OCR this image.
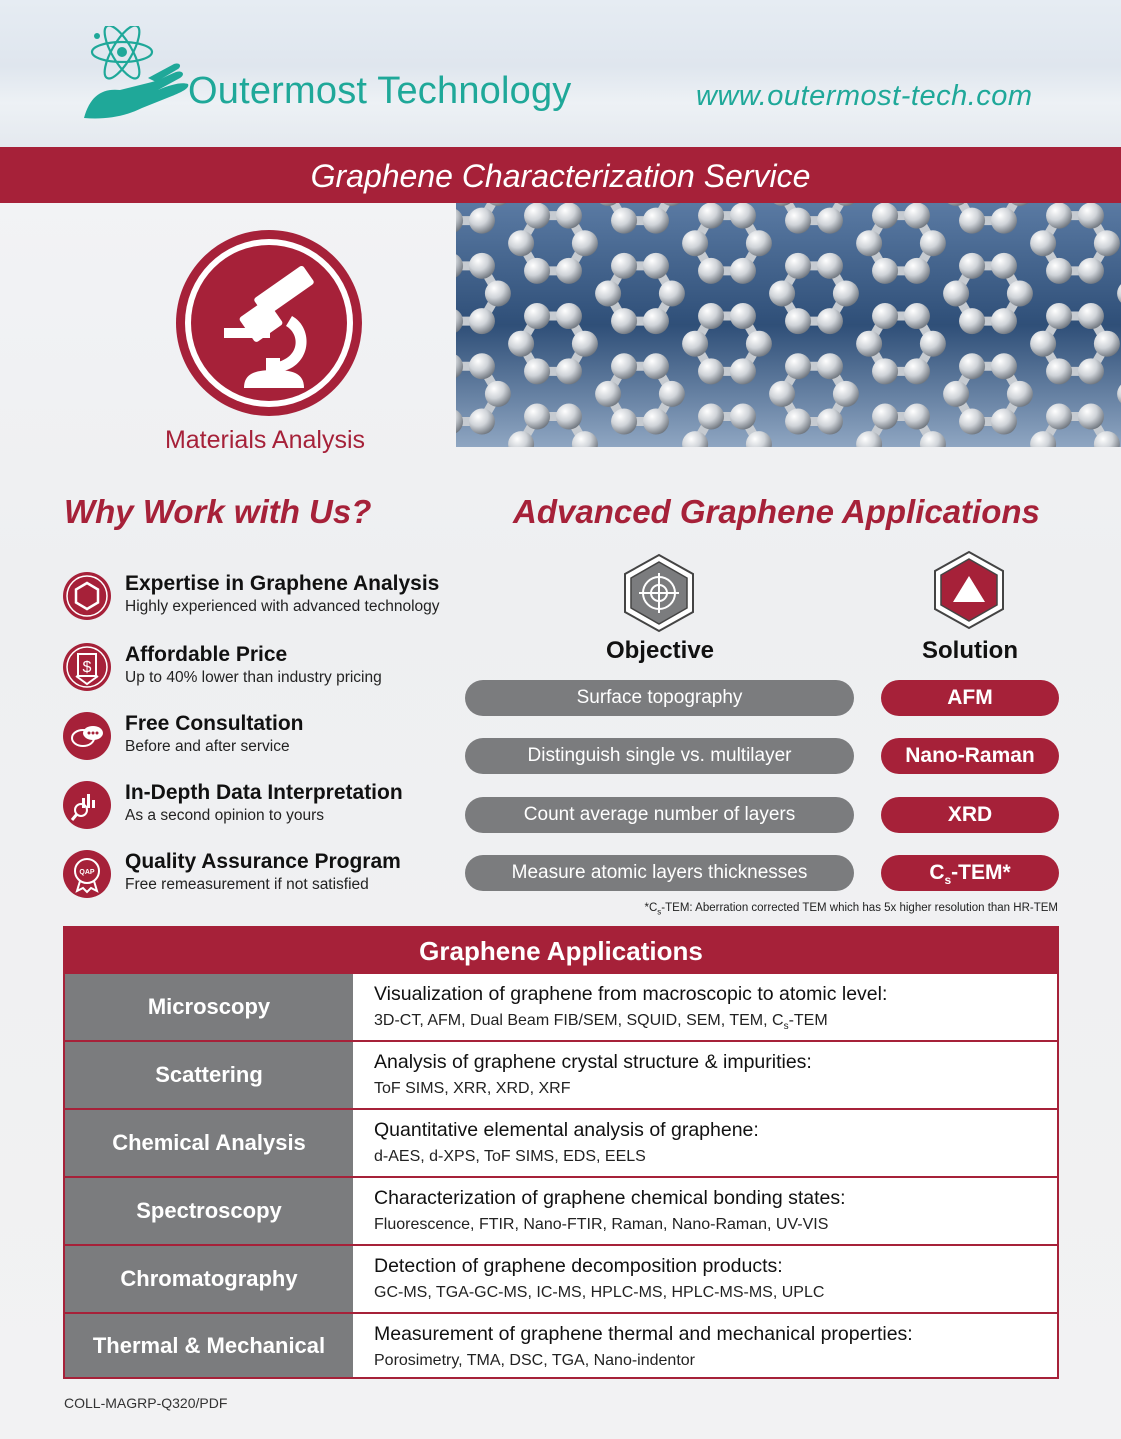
Outermost Technology	www.outermost-tech.com
Graphene Characterization Service
Materials Analysis
Why Work with Us?	Advanced Graphene Applications
Expertise in Graphene Analysis
Highly experienced with advanced technology
$
Affordable Price
Up to 40% lower than industry pricing
Free Consultation
Before and after service
In-Depth Data Interpretation
As a second opinion to yours
QAP Quality Assurance Program
Free remeasurement if not satisfied
Objective	Solution
Surface topography	AFM
Distinguish single vs. multilayer	Nano-Raman
Count average number of layers	XRD
Measure atomic layers thicknesses	$C_s-TEM*$
$*C_s$-TEM: Aberration corrected TEM which has 5x higher resolution than HR-TEM
Graphene Applications
Microscopy	Visualization of graphene from macroscopic to atomic level:
3D-CT, AFM, Dual Beam FIB/SEM, SQUID, SEM, TEM, $C_s$-TEM
Scattering	Analysis of graphene crystal structure & impurities:
ToF SIMS, XRR, XRD, XRF
Chemical Analysis	Quantitative elemental analysis of graphene:
d-AES, d-XPS, ToF SIMS, EDS, EELS
Spectroscopy	Characterization of graphene chemical bonding states:
Fluorescence, FTIR, Nano-FTIR, Raman, Nano-Raman, UV-VIS
Chromatography	Detection of graphene decomposition products:
GC-MS, TGA-GC-MS, IC-MS, HPLC-MS, HPLC-MS-MS, UPLC
Thermal & Mechanical	Measurement of graphene thermal and mechanical properties:
Porosimetry, TMA, DSC, TGA, Nano-indentor
COLL-MAGRP-Q320/PDF
